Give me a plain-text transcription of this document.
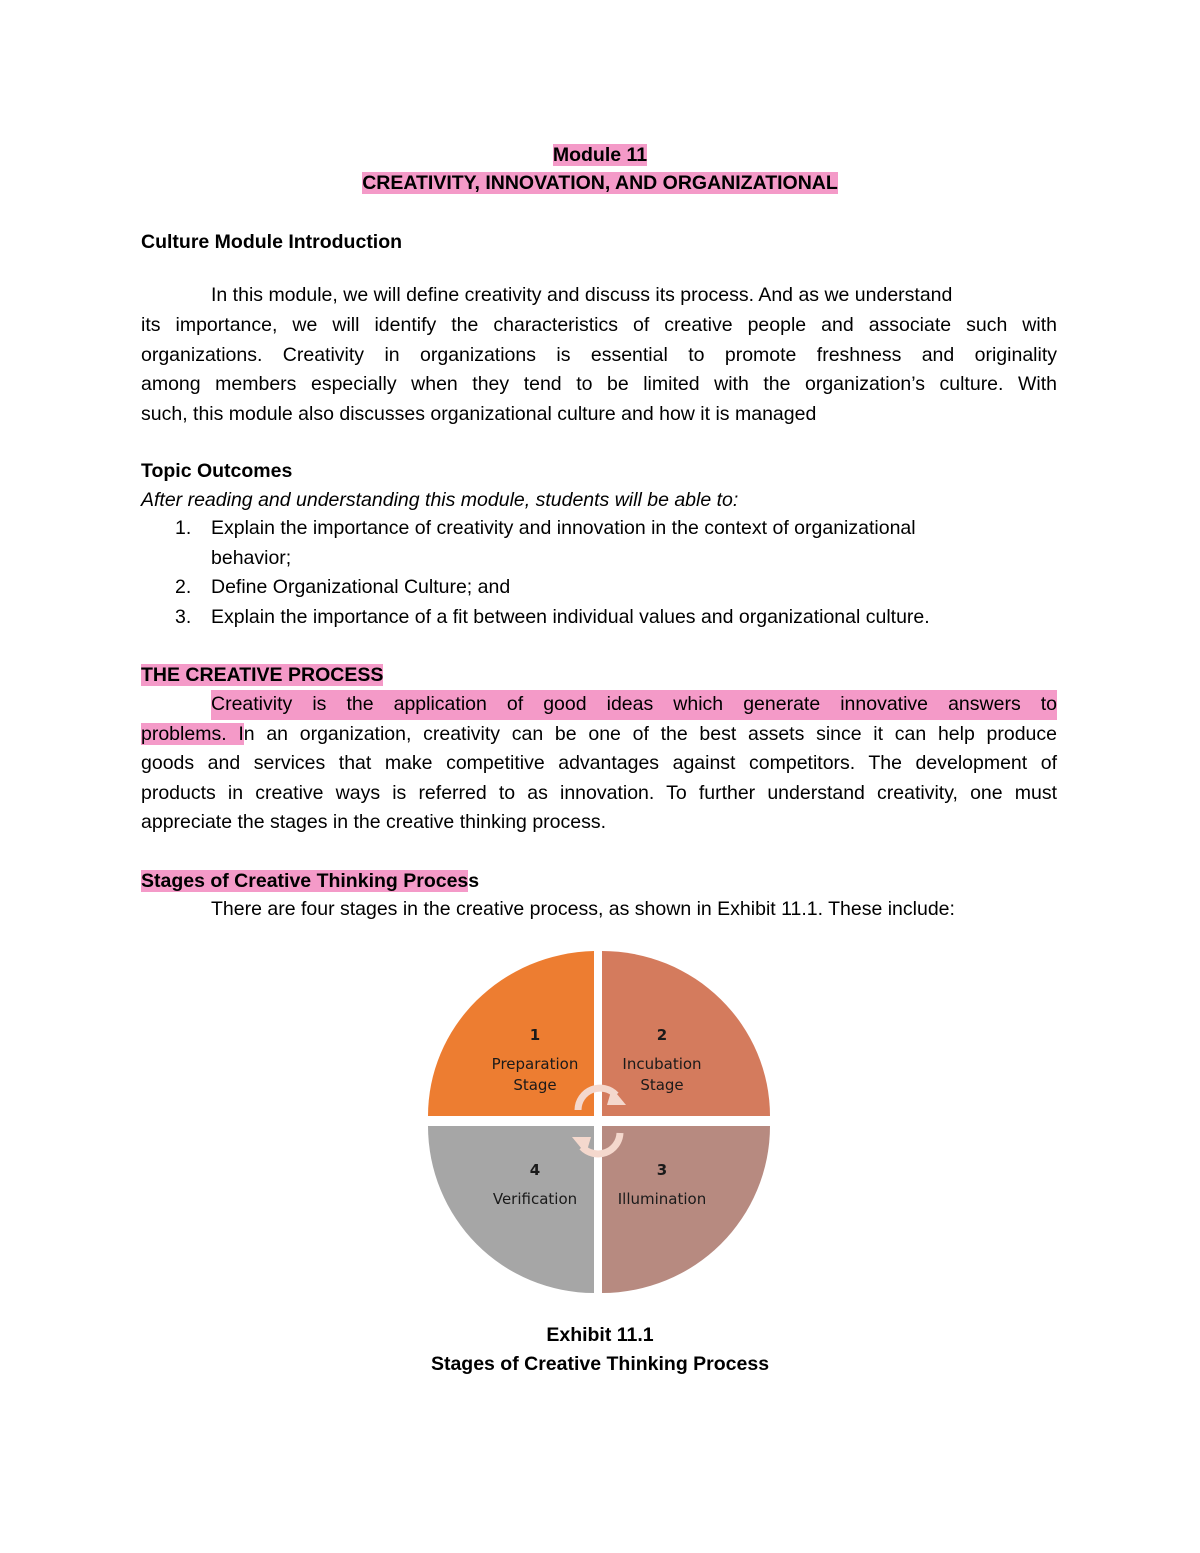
Module 11
CREATIVITY, INNOVATION, AND ORGANIZATIONAL
Culture Module Introduction
In this module, we will define creativity and discuss its process. And as we understand
its importance, we will identify the characteristics of creative people and associate such with
organizations. Creativity in organizations is essential to promote freshness and originality
among members especially when they tend to be limited with the organization’s culture. With
such, this module also discusses organizational culture and how it is managed
Topic Outcomes
After reading and understanding this module, students will be able to:
1. Explain the importance of creativity and innovation in the context of organizational
behavior;
2. Define Organizational Culture; and
3. Explain the importance of a fit between individual values and organizational culture.
THE CREATIVE PROCESS
Creativity is the application of good ideas which generate innovative answers to
problems. In an organization, creativity can be one of the best assets since it can help produce
goods and services that make competitive advantages against competitors. The development of
products in creative ways is referred to as innovation. To further understand creativity, one must
appreciate the stages in the creative thinking process.
Stages of Creative Thinking Process
There are four stages in the creative process, as shown in Exhibit 11.1. These include:
1
Preparation
Stage
2
Incubation
Stage
3
Illumination
4
Verification
Exhibit 11.1
Stages of Creative Thinking Process
